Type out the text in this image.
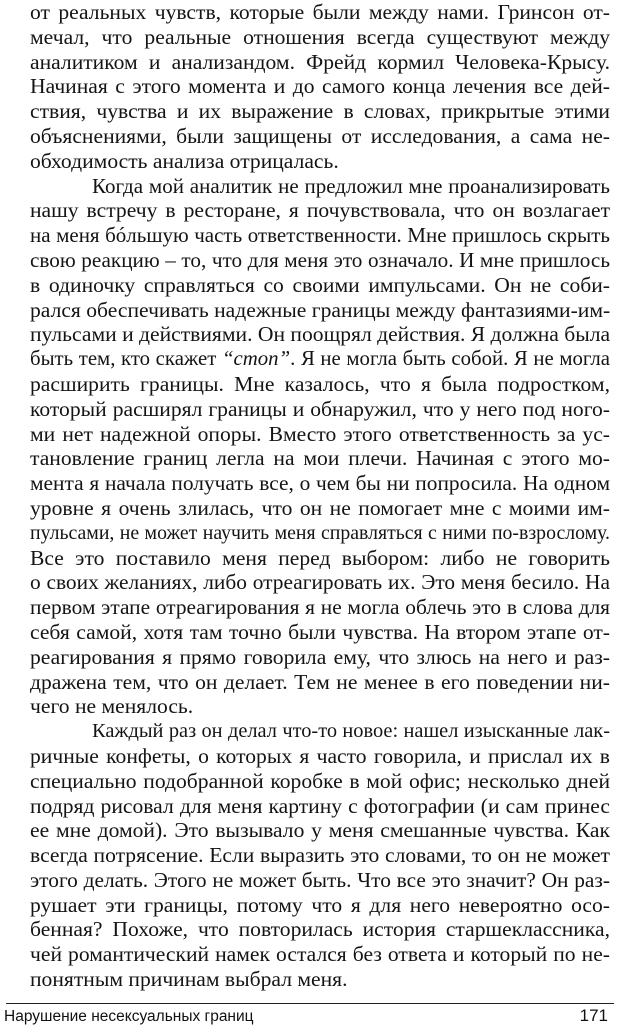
от реальных чувств, которые были между нами. Гринсон от-
мечал, что реальные отношения всегда существуют между
аналитиком и анализандом. Фрейд кормил Человека-Крысу.
Начиная с этого момента и до самого конца лечения все дей-
ствия, чувства и их выражение в словах, прикрытые этими
объяснениями, были защищены от исследования, а сама не-
обходимость анализа отрицалась.
Когда мой аналитик не предложил мне проанализировать
нашу встречу в ресторане, я почувствовала, что он возлагает
на меня бóльшую часть ответственности. Мне пришлось скрыть
свою реакцию – то, что для меня это означало. И мне пришлось
в одиночку справляться со своими импульсами. Он не соби-
рался обеспечивать надежные границы между фантазиями-им-
пульсами и действиями. Он поощрял действия. Я должна была
быть тем, кто скажет “стоп”. Я не могла быть собой. Я не могла
расширить границы. Мне казалось, что я была подростком,
который расширял границы и обнаружил, что у него под ного-
ми нет надежной опоры. Вместо этого ответственность за ус-
тановление границ легла на мои плечи. Начиная с этого мо-
мента я начала получать все, о чем бы ни попросила. На одном
уровне я очень злилась, что он не помогает мне с моими им-
пульсами, не может научить меня справляться с ними по-взрослому.
Все это поставило меня перед выбором: либо не говорить
о своих желаниях, либо отреагировать их. Это меня бесило. На
первом этапе отреагирования я не могла облечь это в слова для
себя самой, хотя там точно были чувства. На втором этапе от-
реагирования я прямо говорила ему, что злюсь на него и раз-
дражена тем, что он делает. Тем не менее в его поведении ни-
чего не менялось.
Каждый раз он делал что-то новое: нашел изысканные лак-
ричные конфеты, о которых я часто говорила, и прислал их в
специально подобранной коробке в мой офис; несколько дней
подряд рисовал для меня картину с фотографии (и сам принес
ее мне домой). Это вызывало у меня смешанные чувства. Как
всегда потрясение. Если выразить это словами, то он не может
этого делать. Этого не может быть. Что все это значит? Он раз-
рушает эти границы, потому что я для него невероятно осо-
бенная? Похоже, что повторилась история старшеклассника,
чей романтический намек остался без ответа и который по не-
понятным причинам выбрал меня.
Нарушение несексуальных границ	171
